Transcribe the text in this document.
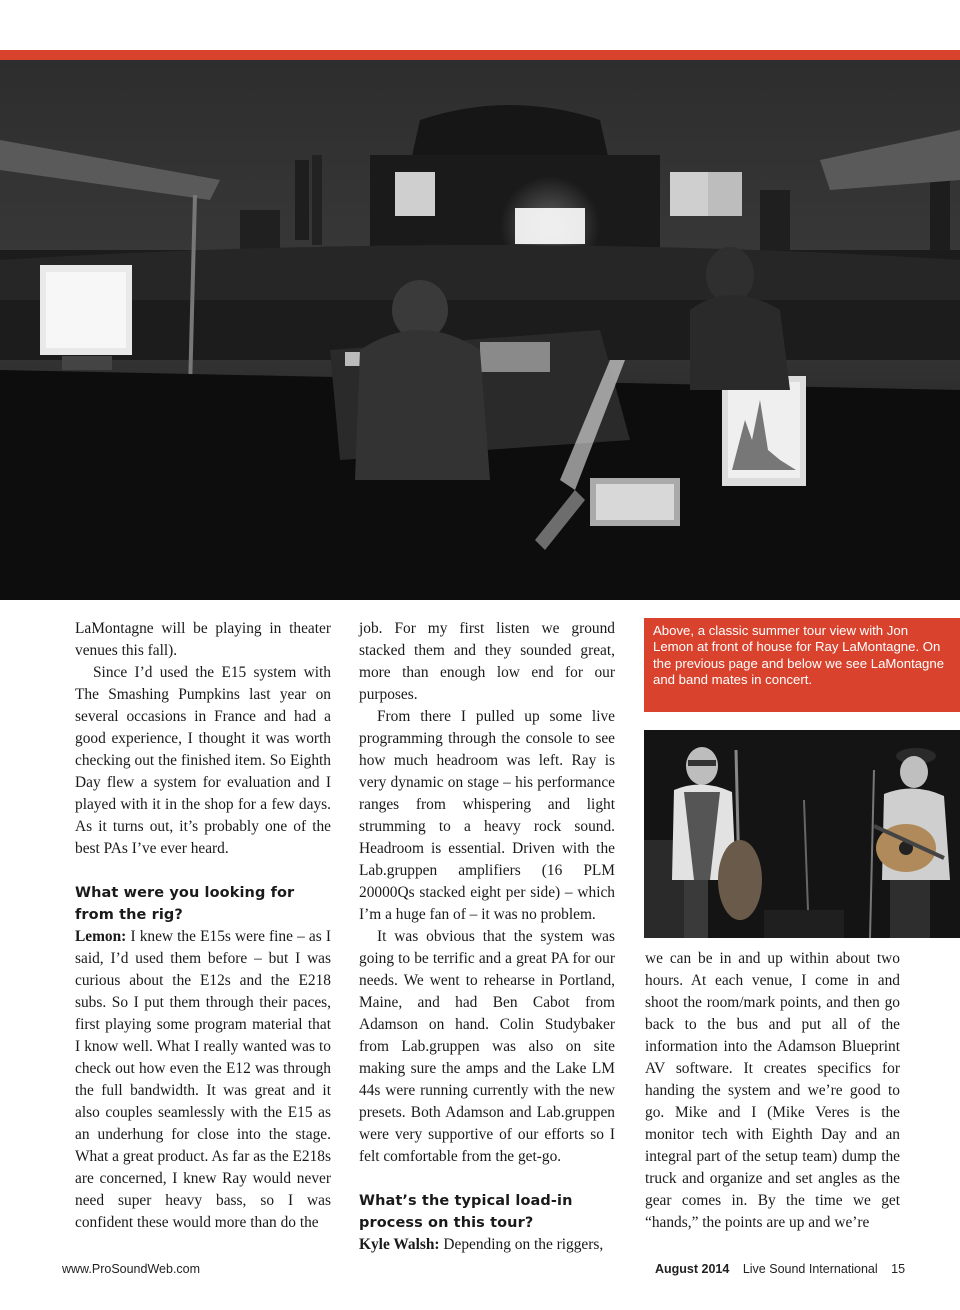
LaMontagne will be playing in theater venues this fall).

Since I’d used the E15 system with The Smashing Pumpkins last year on several occasions in France and had a good experience, I thought it was worth checking out the finished item. So Eighth Day flew a system for evaluation and I played with it in the shop for a few days. As it turns out, it’s probably one of the best PAs I’ve ever heard.

What were you looking for from the rig?

Lemon: I knew the E15s were fine – as I said, I’d used them before – but I was curious about the E12s and the E218 subs. So I put them through their paces, first playing some program material that I know well. What I really wanted was to check out how even the E12 was through the full bandwidth. It was great and it also couples seamlessly with the E15 as an underhung for close into the stage. What a great product. As far as the E218s are concerned, I knew Ray would never need super heavy bass, so I was confident these would more than do the

job. For my first listen we ground stacked them and they sounded great, more than enough low end for our purposes.

From there I pulled up some live programming through the console to see how much headroom was left. Ray is very dynamic on stage – his performance ranges from whispering and light strumming to a heavy rock sound. Headroom is essential. Driven with the Lab.gruppen amplifiers (16 PLM 20000Qs stacked eight per side) – which I’m a huge fan of – it was no problem.

It was obvious that the system was going to be terrific and a great PA for our needs. We went to rehearse in Portland, Maine, and had Ben Cabot from Adamson on hand. Colin Studybaker from Lab.gruppen was also on site making sure the amps and the Lake LM 44s were running currently with the new presets. Both Adamson and Lab.gruppen were very supportive of our efforts so I felt comfortable from the get-go.

What’s the typical load-in process on this tour?

Kyle Walsh: Depending on the riggers,

Above, a classic summer tour view with Jon Lemon at front of house for Ray LaMontagne. On the previous page and below we see LaMontagne and band mates in concert.

we can be in and up within about two hours. At each venue, I come in and shoot the room/mark points, and then go back to the bus and put all of the information into the Adamson Blueprint AV software. It creates specifics for handing the system and we’re good to go. Mike and I (Mike Veres is the monitor tech with Eighth Day and an integral part of the setup team) dump the truck and organize and set angles as the gear comes in. By the time we get “hands,” the points are up and we’re

www.ProSoundWeb.com	August 2014 Live Sound International 15
